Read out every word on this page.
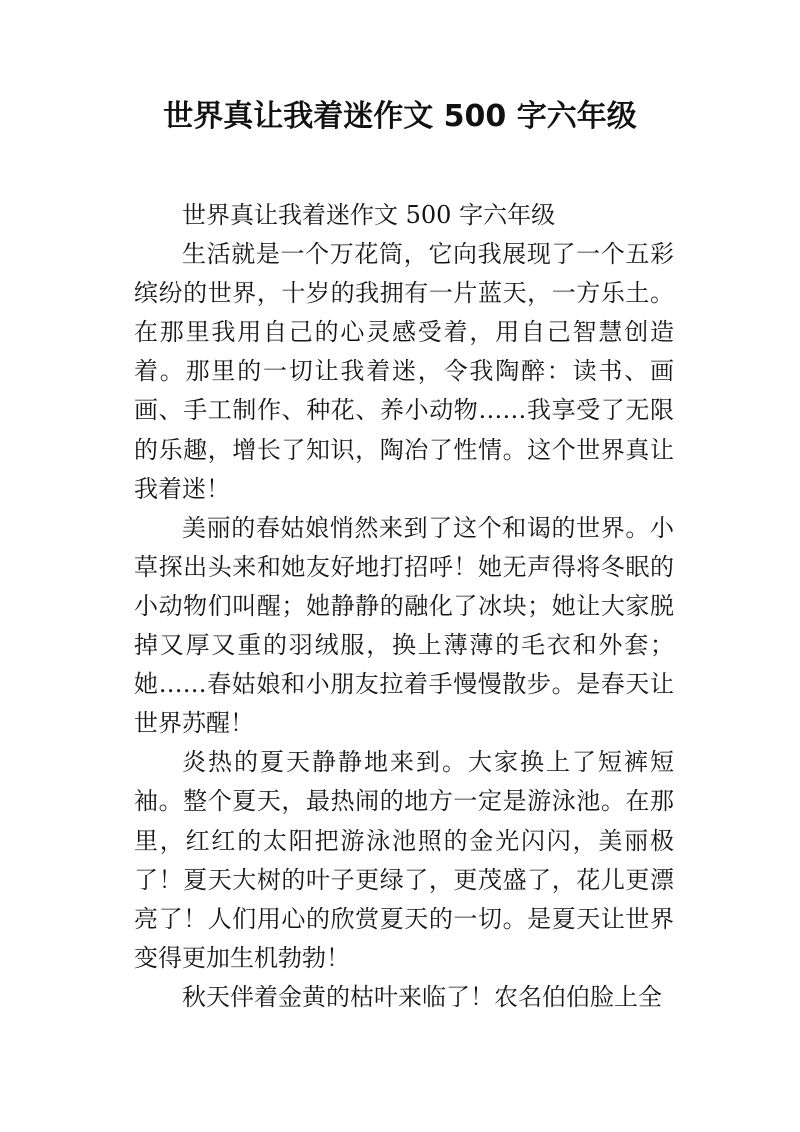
世界真让我着迷作文 500 字六年级

世界真让我着迷作文 500 字六年级

生活就是一个万花筒，它向我展现了一个五彩缤纷的世界，十岁的我拥有一片蓝天，一方乐土。在那里我用自己的心灵感受着，用自己智慧创造着。那里的一切让我着迷，令我陶醉：读书、画画、手工制作、种花、养小动物……我享受了无限的乐趣，增长了知识，陶冶了性情。这个世界真让我着迷！

美丽的春姑娘悄然来到了这个和谒的世界。小草探出头来和她友好地打招呼！她无声得将冬眠的小动物们叫醒；她静静的融化了冰块；她让大家脱掉又厚又重的羽绒服，换上薄薄的毛衣和外套；她……春姑娘和小朋友拉着手慢慢散步。是春天让世界苏醒！

炎热的夏天静静地来到。大家换上了短裤短袖。整个夏天，最热闹的地方一定是游泳池。在那里，红红的太阳把游泳池照的金光闪闪，美丽极了！夏天大树的叶子更绿了，更茂盛了，花儿更漂亮了！人们用心的欣赏夏天的一切。是夏天让世界变得更加生机勃勃！

秋天伴着金黄的枯叶来临了！农名伯伯脸上全
